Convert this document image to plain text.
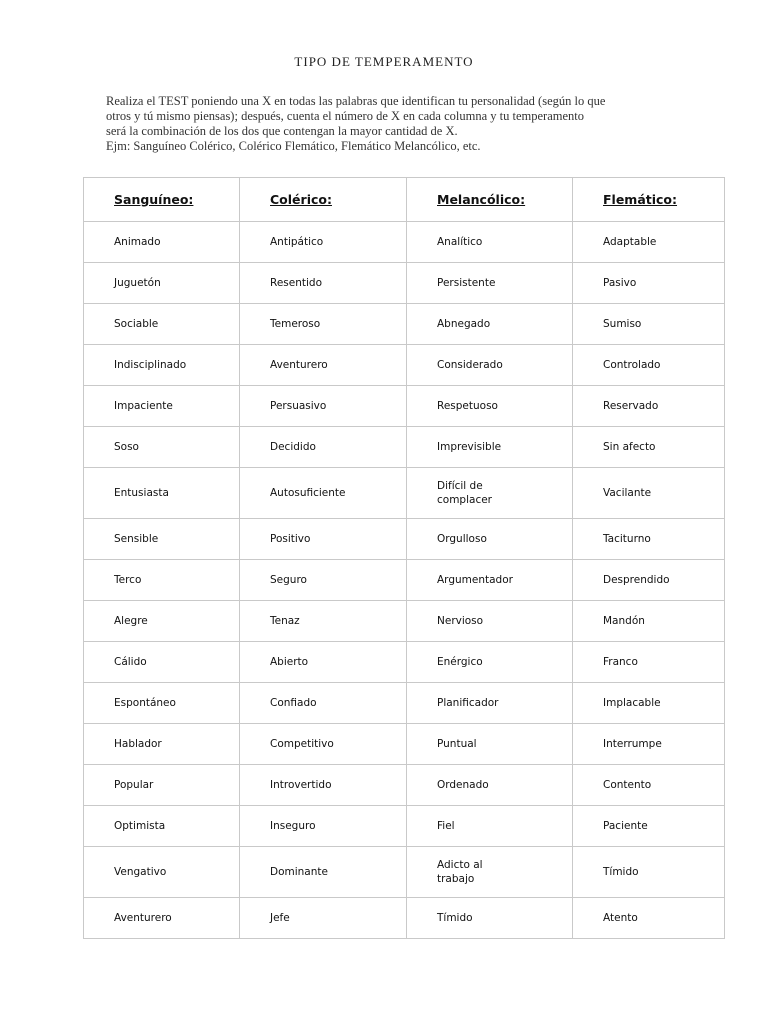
TIPO DE TEMPERAMENTO
Realiza el TEST poniendo una X en todas las palabras que identifican tu personalidad (según lo que
otros y tú mismo piensas); después, cuenta el número de X en cada columna y tu temperamento
será la combinación de los dos que contengan la mayor cantidad de X.
Ejm: Sanguíneo Colérico, Colérico Flemático, Flemático Melancólico, etc.
Sanguíneo:	Colérico:	Melancólico:	Flemático:
Animado	Antipático	Analítico	Adaptable
Juguetón	Resentido	Persistente	Pasivo
Sociable	Temeroso	Abnegado	Sumiso
Indisciplinado	Aventurero	Considerado	Controlado
Impaciente	Persuasivo	Respetuoso	Reservado
Soso	Decidido	Imprevisible	Sin afecto
Entusiasta	Autosuficiente	Difícil de complacer	Vacilante
Sensible	Positivo	Orgulloso	Taciturno
Terco	Seguro	Argumentador	Desprendido
Alegre	Tenaz	Nervioso	Mandón
Cálido	Abierto	Enérgico	Franco
Espontáneo	Confiado	Planificador	Implacable
Hablador	Competitivo	Puntual	Interrumpe
Popular	Introvertido	Ordenado	Contento
Optimista	Inseguro	Fiel	Paciente
Vengativo	Dominante	Adicto al trabajo	Tímido
Aventurero	Jefe	Tímido	Atento
